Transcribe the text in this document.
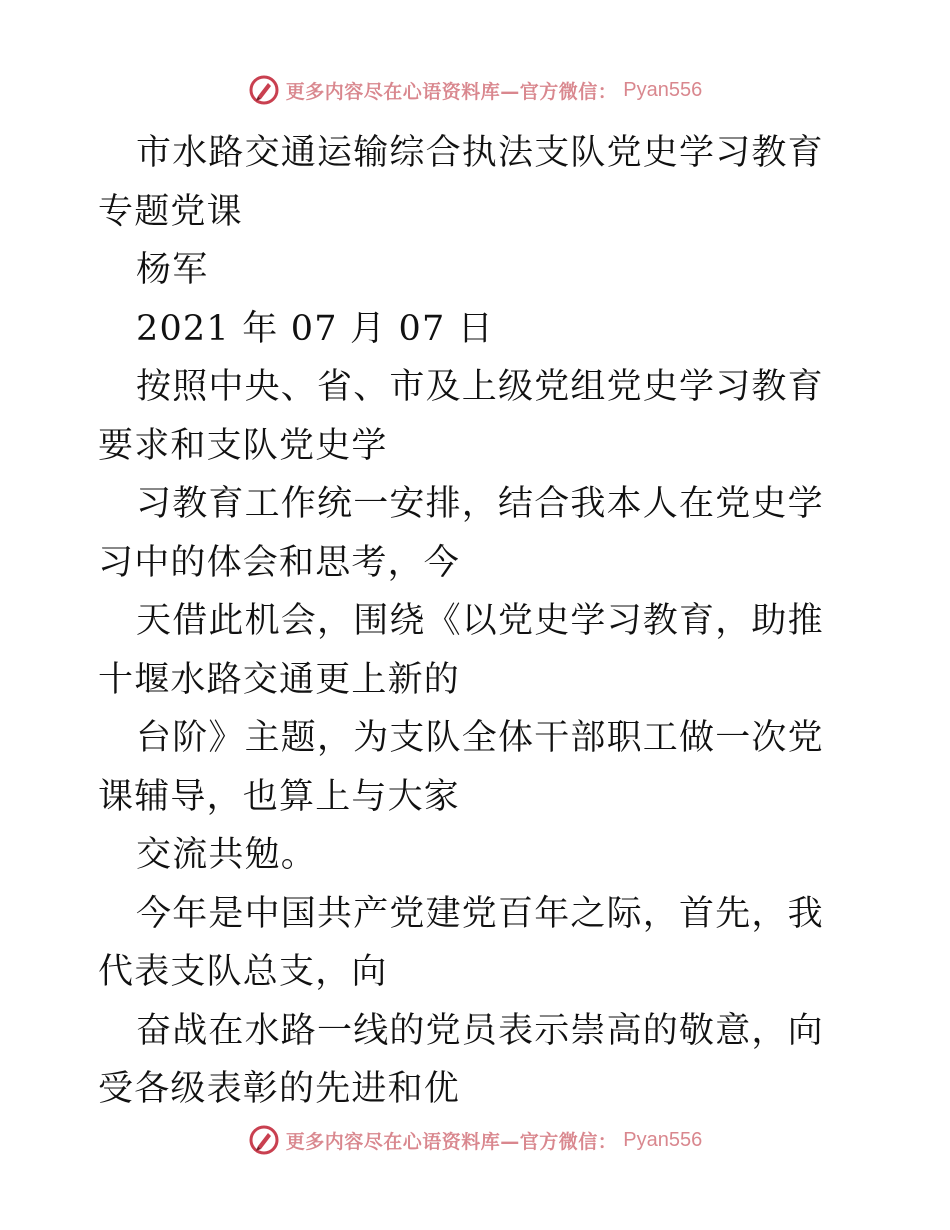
更多内容尽在心语资料库—官方微信： Pyan556

市水路交通运输综合执法支队党史学习教育专题党课

杨军

2021 年 07 月 07 日

按照中央、省、市及上级党组党史学习教育要求和支队党史学

习教育工作统一安排，结合我本人在党史学习中的体会和思考，今

天借此机会，围绕《以党史学习教育，助推十堰水路交通更上新的

台阶》主题，为支队全体干部职工做一次党课辅导，也算上与大家

交流共勉。

今年是中国共产党建党百年之际，首先，我代表支队总支，向

奋战在水路一线的党员表示崇高的敬意，向受各级表彰的先进和优

更多内容尽在心语资料库—官方微信： Pyan556
